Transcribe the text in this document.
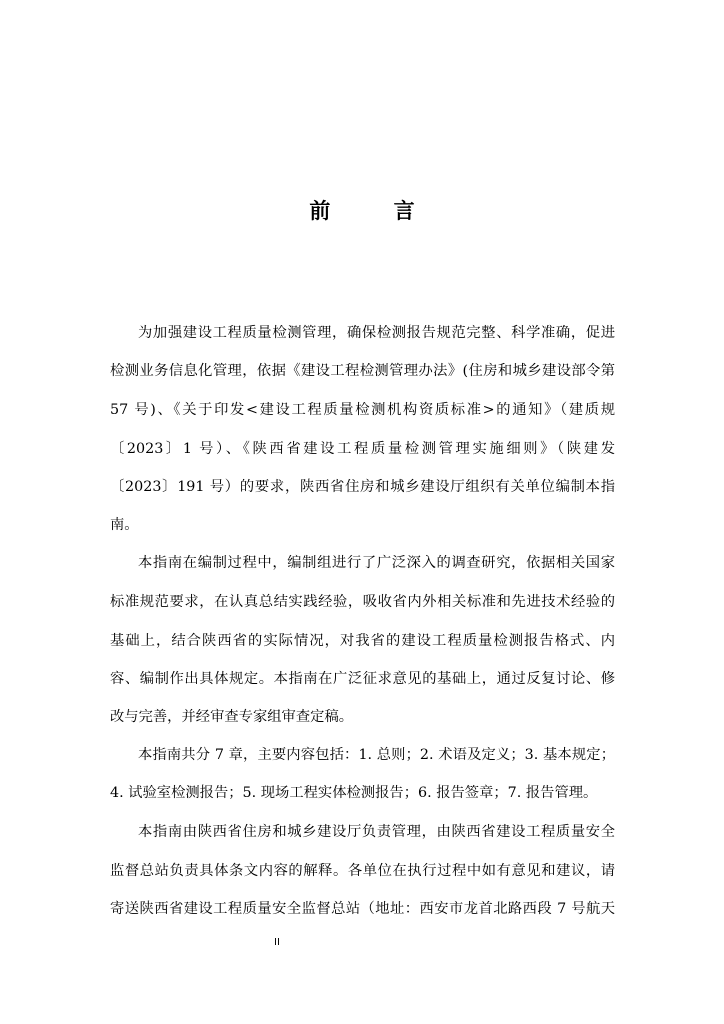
前 言
为加强建设工程质量检测管理，确保检测报告规范完整、科学准确，促进
检测业务信息化管理，依据《建设工程检测管理办法》(住房和城乡建设部令第
57 号)、《关于印发<建设工程质量检测机构资质标准>的通知》（建质规
〔2023〕1 号）、《陕西省建设工程质量检测管理实施细则》（陕建发
〔2023〕191 号）的要求，陕西省住房和城乡建设厅组织有关单位编制本指
南。
本指南在编制过程中，编制组进行了广泛深入的调查研究，依据相关国家
标准规范要求，在认真总结实践经验，吸收省内外相关标准和先进技术经验的
基础上，结合陕西省的实际情况，对我省的建设工程质量检测报告格式、内
容、编制作出具体规定。本指南在广泛征求意见的基础上，通过反复讨论、修
改与完善，并经审查专家组审查定稿。
本指南共分 7 章，主要内容包括：1. 总则；2. 术语及定义；3. 基本规定；
4. 试验室检测报告；5. 现场工程实体检测报告；6. 报告签章；7. 报告管理。
本指南由陕西省住房和城乡建设厅负责管理，由陕西省建设工程质量安全
监督总站负责具体条文内容的解释。各单位在执行过程中如有意见和建议，请
寄送陕西省建设工程质量安全监督总站（地址：西安市龙首北路西段 7 号航天
II
